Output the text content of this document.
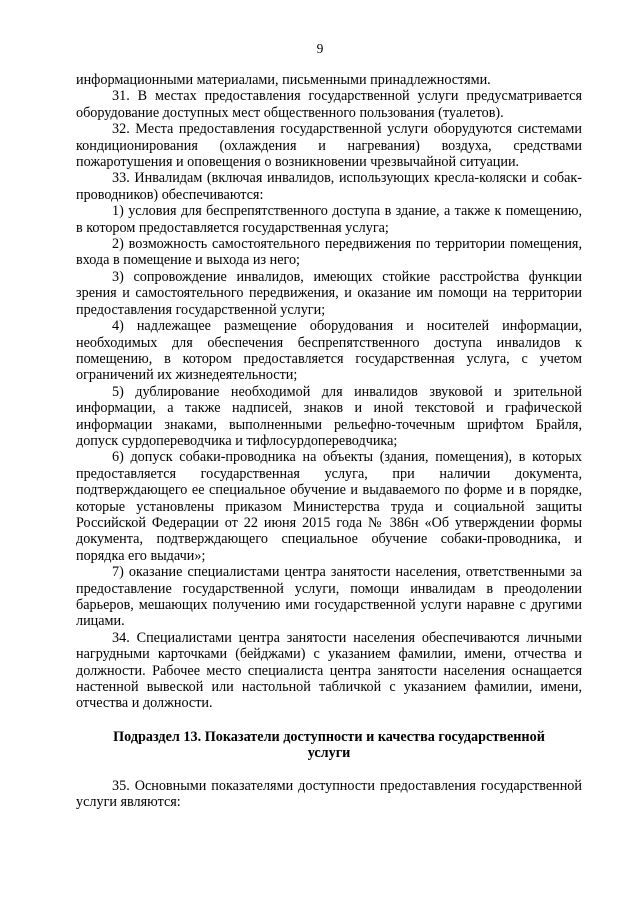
9

информационными материалами, письменными принадлежностями.

31. В местах предоставления государственной услуги предусматривается оборудование доступных мест общественного пользования (туалетов).

32. Места предоставления государственной услуги оборудуются системами кондиционирования (охлаждения и нагревания) воздуха, средствами пожаротушения и оповещения о возникновении чрезвычайной ситуации.

33. Инвалидам (включая инвалидов, использующих кресла-коляски и собак-проводников) обеспечиваются:

1) условия для беспрепятственного доступа в здание, а также к помещению, в котором предоставляется государственная услуга;

2) возможность самостоятельного передвижения по территории помещения, входа в помещение и выхода из него;

3) сопровождение инвалидов, имеющих стойкие расстройства функции зрения и самостоятельного передвижения, и оказание им помощи на территории предоставления государственной услуги;

4) надлежащее размещение оборудования и носителей информации, необходимых для обеспечения беспрепятственного доступа инвалидов к помещению, в котором предоставляется государственная услуга, с учетом ограничений их жизнедеятельности;

5) дублирование необходимой для инвалидов звуковой и зрительной информации, а также надписей, знаков и иной текстовой и графической информации знаками, выполненными рельефно-точечным шрифтом Брайля, допуск сурдопереводчика и тифлосурдопереводчика;

6) допуск собаки-проводника на объекты (здания, помещения), в которых предоставляется государственная услуга, при наличии документа, подтверждающего ее специальное обучение и выдаваемого по форме и в порядке, которые установлены приказом Министерства труда и социальной защиты Российской Федерации от 22 июня 2015 года № 386н «Об утверждении формы документа, подтверждающего специальное обучение собаки-проводника, и порядка его выдачи»;

7) оказание специалистами центра занятости населения, ответственными за предоставление государственной услуги, помощи инвалидам в преодолении барьеров, мешающих получению ими государственной услуги наравне с другими лицами.

34. Специалистами центра занятости населения обеспечиваются личными нагрудными карточками (бейджами) с указанием фамилии, имени, отчества и должности. Рабочее место специалиста центра занятости населения оснащается настенной вывеской или настольной табличкой с указанием фамилии, имени, отчества и должности.

Подраздел 13. Показатели доступности и качества государственной услуги

35. Основными показателями доступности предоставления государственной услуги являются:
